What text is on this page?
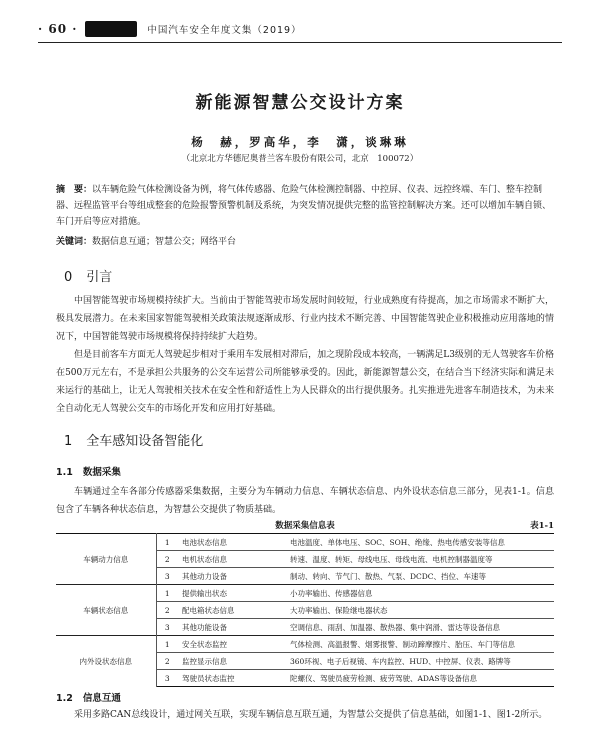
· 60 ·	中国汽车安全年度文集（2019）
新能源智慧公交设计方案
杨　赫，罗高华，李　潇，谈琳琳
（北京北方华德尼奥普兰客车股份有限公司，北京　100072）
摘　要：以车辆危险气体检测设备为例，将气体传感器、危险气体检测控制器、中控屏、仪表、远控终端、车门、整车控制器、远程监管平台等组成整套的危险报警预警机制及系统，为突发情况提供完整的监管控制解决方案。还可以增加车辆自锁、车门开启等应对措施。
关键词：数据信息互通；智慧公交；网络平台
0 引言
中国智能驾驶市场规模持续扩大。当前由于智能驾驶市场发展时间较短，行业成熟度有待提高，加之市场需求不断扩大，极具发展潜力。在未来国家智能驾驶相关政策法规逐渐成形、行业内技术不断完善、中国智能驾驶企业积极推动应用落地的情况下，中国智能驾驶市场规模将保持持续扩大趋势。
但是目前客车方面无人驾驶起步相对于乘用车发展相对滞后，加之现阶段成本较高，一辆满足L3级别的无人驾驶客车价格在500万元左右，不是承担公共服务的公交车运营公司所能够承受的。因此，新能源智慧公交，在结合当下经济实际和满足未来运行的基础上，让无人驾驶相关技术在安全性和舒适性上为人民群众的出行提供服务。扎实推进先进客车制造技术，为未来全自动化无人驾驶公交车的市场化开发和应用打好基础。
1 全车感知设备智能化
1.1 数据采集
车辆通过全车各部分传感器采集数据，主要分为车辆动力信息、车辆状态信息、内外设状态信息三部分，见表1-1。信息包含了车辆各种状态信息，为智慧公交提供了物质基础。
数据采集信息表	表1-1
车辆动力信息	1	电池状态信息	电池温度、单体电压、SOC、SOH、绝缘、热电传感安装等信息
	2	电机状态信息	转速、温度、转矩、母线电压、母线电流、电机控制器温度等
	3	其他动力设备	制动、转向、节气门、散热、气泵、DCDC、挡位、车速等
车辆状态信息	1	提供输出状态	小功率输出、传感器信息
	2	配电箱状态信息	大功率输出、保险继电器状态
	3	其他功能设备	空调信息、雨刮、加温器、散热器、集中润滑、雷达等设备信息
内外设状态信息	1	安全状态监控	气体检测、高温报警、烟雾报警、制动蹄摩擦片、胎压、车门等信息
	2	监控显示信息	360环视、电子后视镜、车内监控、HUD、中控屏、仪表、路牌等
	3	驾驶员状态监控	陀螺仪、驾驶员疲劳检测、疲劳驾驶、ADAS等设备信息
1.2 信息互通
采用多路CAN总线设计，通过网关互联，实现车辆信息互联互通，为智慧公交提供了信息基础，如图1-1、图1-2所示。
